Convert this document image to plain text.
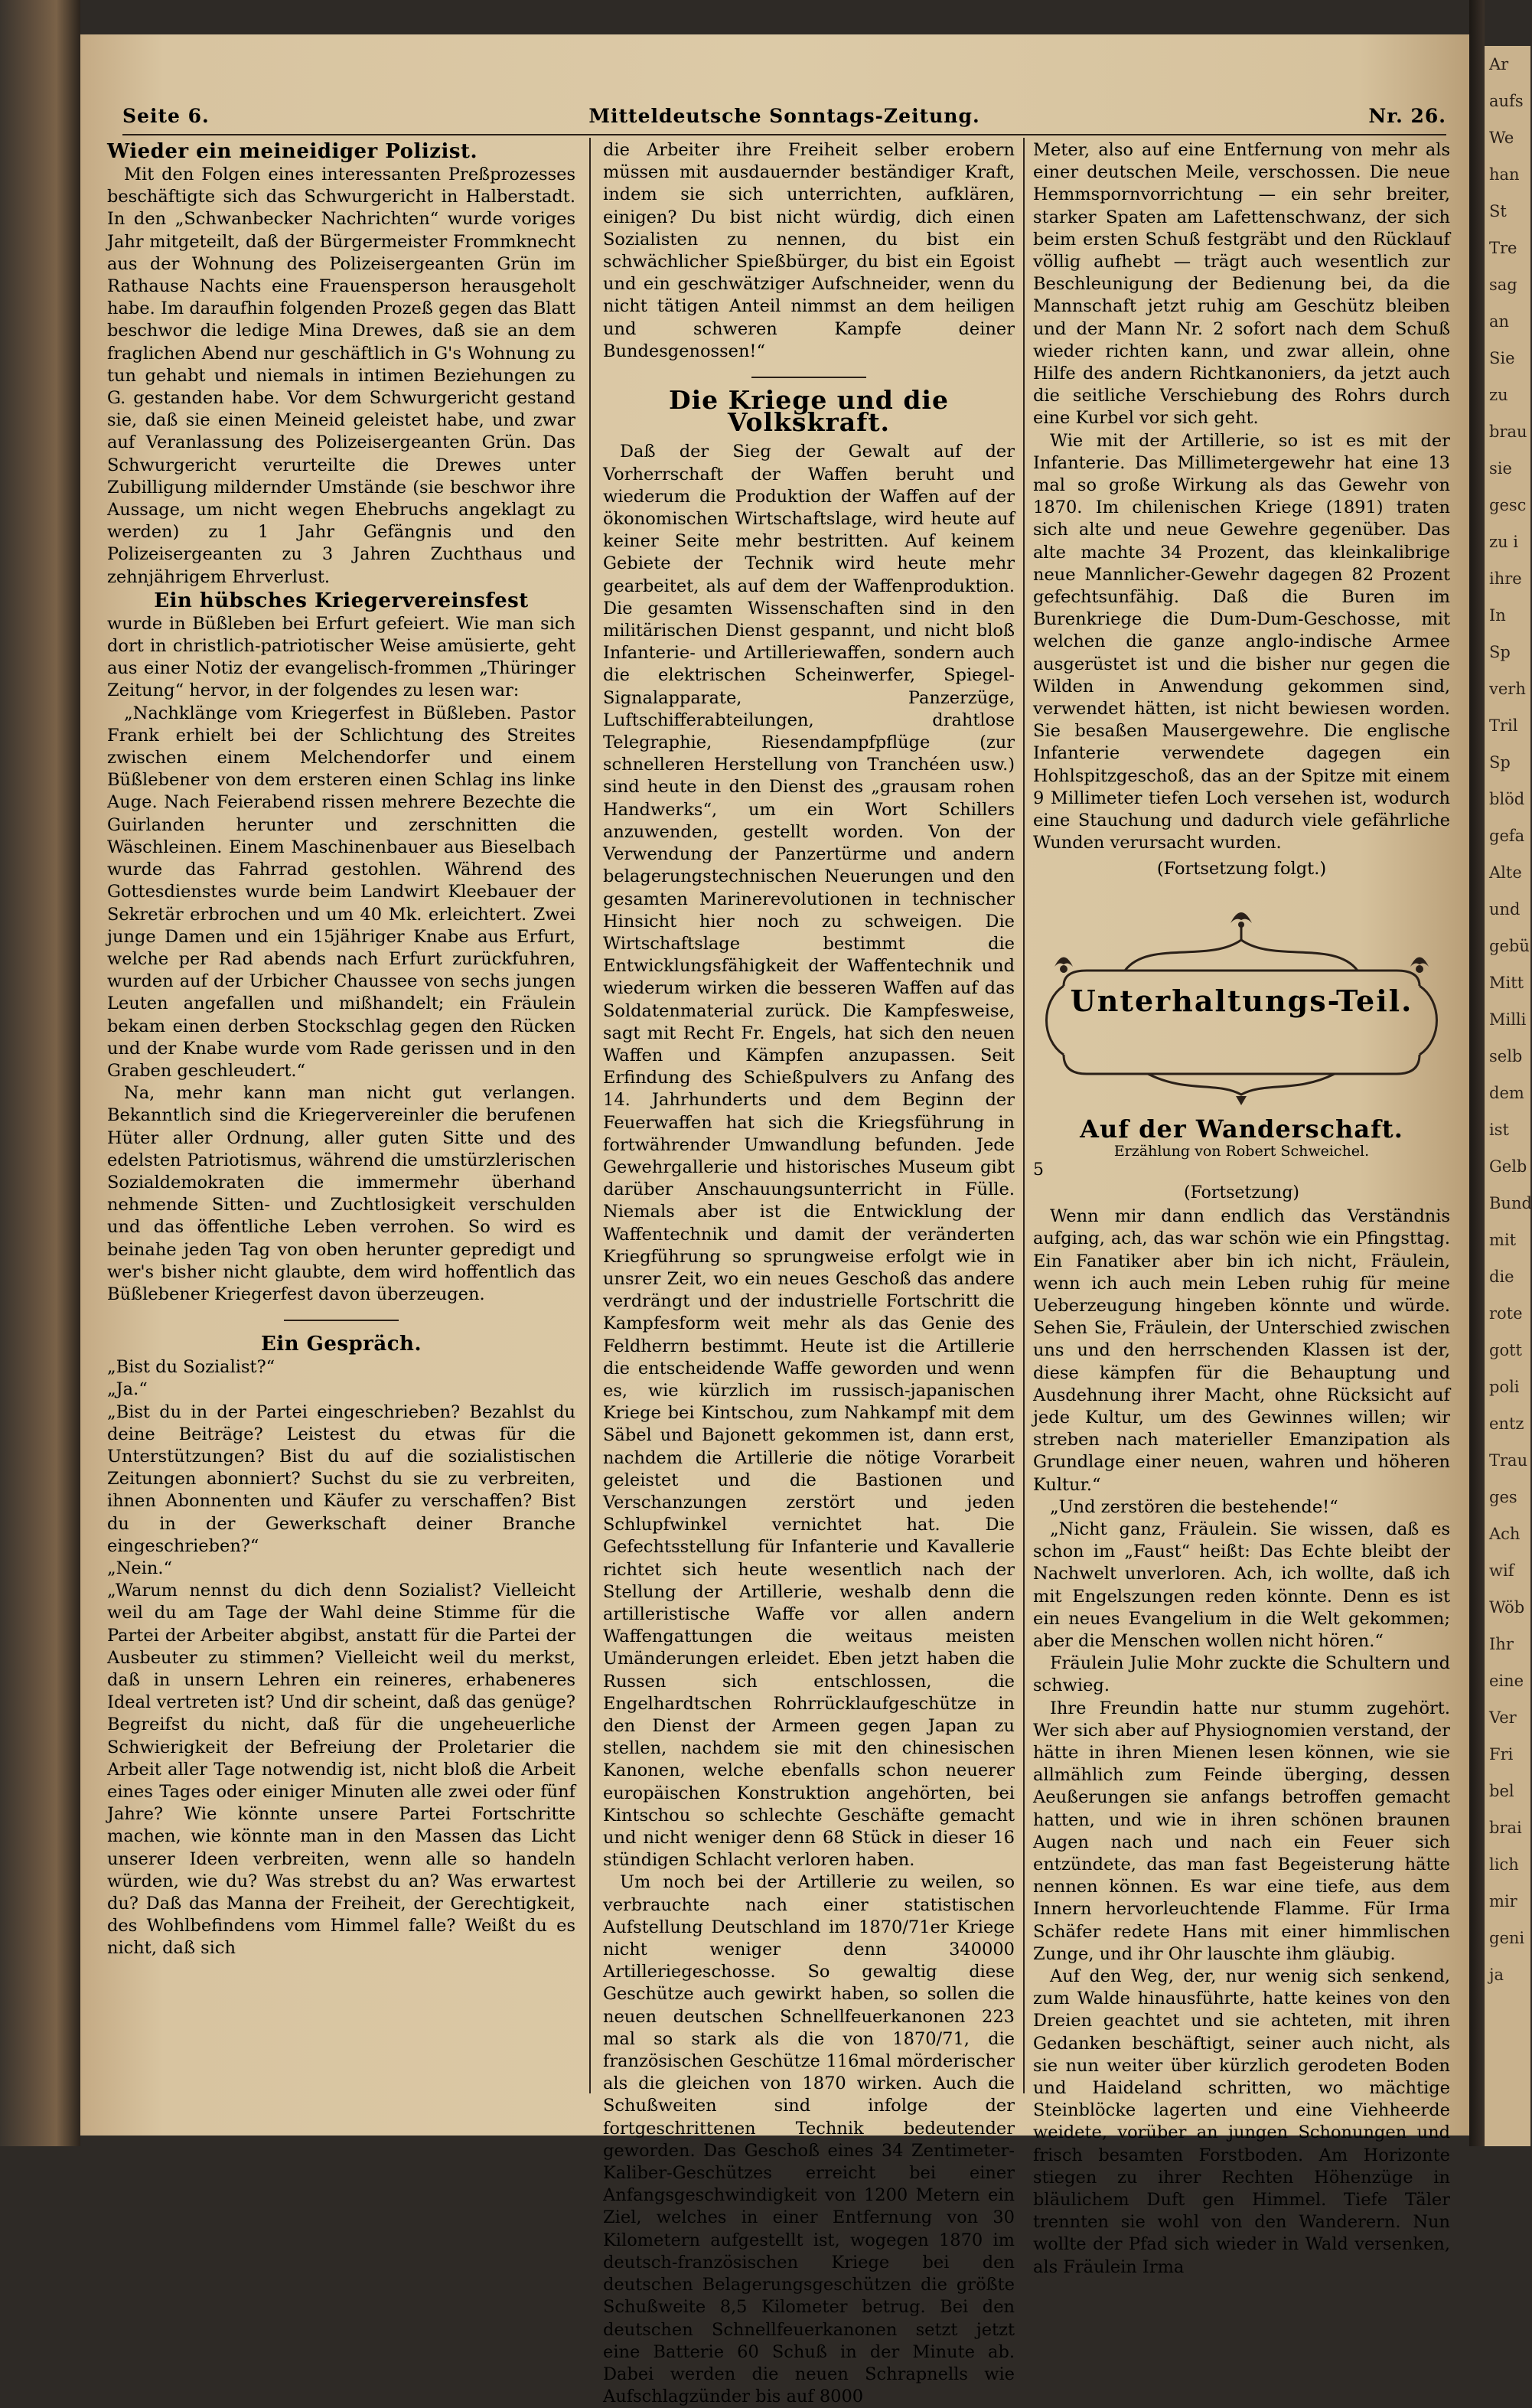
Seite 6.	Mitteldeutsche Sonntags-Zeitung.	Nr. 26.
Wieder ein meineidiger Polizist.

Mit den Folgen eines interessanten Preßprozesses beschäftigte sich das Schwurgericht in Halberstadt. In den „Schwanbecker Nachrichten“ wurde voriges Jahr mitgeteilt, daß der Bürgermeister Frommknecht aus der Wohnung des Polizeisergeanten Grün im Rathause Nachts eine Frauensperson herausgeholt habe. Im daraufhin folgenden Prozeß gegen das Blatt beschwor die ledige Mina Drewes, daß sie an dem fraglichen Abend nur geschäftlich in G's Wohnung zu tun gehabt und niemals in intimen Beziehungen zu G. gestanden habe. Vor dem Schwurgericht gestand sie, daß sie einen Meineid geleistet habe, und zwar auf Veranlassung des Polizeisergeanten Grün. Das Schwurgericht verurteilte die Drewes unter Zubilligung mildernder Umstände (sie beschwor ihre Aussage, um nicht wegen Ehebruchs angeklagt zu werden) zu 1 Jahr Gefängnis und den Polizeisergeanten zu 3 Jahren Zuchthaus und zehnjährigem Ehrverlust.

Ein hübsches Kriegervereinsfest

wurde in Büßleben bei Erfurt gefeiert. Wie man sich dort in christlich-patriotischer Weise amüsierte, geht aus einer Notiz der evangelisch-frommen „Thüringer Zeitung“ hervor, in der folgendes zu lesen war:

„Nachklänge vom Kriegerfest in Büßleben. Pastor Frank erhielt bei der Schlichtung des Streites zwischen einem Melchendorfer und einem Büßlebener von dem ersteren einen Schlag ins linke Auge. Nach Feierabend rissen mehrere Bezechte die Guirlanden herunter und zerschnitten die Wäschleinen. Einem Maschinenbauer aus Bieselbach wurde das Fahrrad gestohlen. Während des Gottesdienstes wurde beim Landwirt Kleebauer der Sekretär erbrochen und um 40 Mk. erleichtert. Zwei junge Damen und ein 15jähriger Knabe aus Erfurt, welche per Rad abends nach Erfurt zurückfuhren, wurden auf der Urbicher Chaussee von sechs jungen Leuten angefallen und mißhandelt; ein Fräulein bekam einen derben Stockschlag gegen den Rücken und der Knabe wurde vom Rade gerissen und in den Graben geschleudert.“

Na, mehr kann man nicht gut verlangen. Bekanntlich sind die Kriegervereinler die berufenen Hüter aller Ordnung, aller guten Sitte und des edelsten Patriotismus, während die umstürzlerischen Sozialdemokraten die immermehr überhand nehmende Sitten- und Zuchtlosigkeit verschulden und das öffentliche Leben verrohen. So wird es beinahe jeden Tag von oben herunter gepredigt und wer's bisher nicht glaubte, dem wird hoffentlich das Büßlebener Kriegerfest davon überzeugen.

Ein Gespräch.

„Bist du Sozialist?“

„Ja.“

„Bist du in der Partei eingeschrieben? Bezahlst du deine Beiträge? Leistest du etwas für die Unterstützungen? Bist du auf die sozialistischen Zeitungen abonniert? Suchst du sie zu verbreiten, ihnen Abonnenten und Käufer zu verschaffen? Bist du in der Gewerkschaft deiner Branche eingeschrieben?“

„Nein.“

„Warum nennst du dich denn Sozialist? Vielleicht weil du am Tage der Wahl deine Stimme für die Partei der Arbeiter abgibst, anstatt für die Partei der Ausbeuter zu stimmen? Vielleicht weil du merkst, daß in unsern Lehren ein reineres, erhabeneres Ideal vertreten ist? Und dir scheint, daß das genüge? Begreifst du nicht, daß für die ungeheuerliche Schwierigkeit der Befreiung der Proletarier die Arbeit aller Tage notwendig ist, nicht bloß die Arbeit eines Tages oder einiger Minuten alle zwei oder fünf Jahre? Wie könnte unsere Partei Fortschritte machen, wie könnte man in den Massen das Licht unserer Ideen verbreiten, wenn alle so handeln würden, wie du? Was strebst du an? Was erwartest du? Daß das Manna der Freiheit, der Gerechtigkeit, des Wohlbefindens vom Himmel falle? Weißt du es nicht, daß sich

die Arbeiter ihre Freiheit selber erobern müssen mit ausdauernder beständiger Kraft, indem sie sich unterrichten, aufklären, einigen? Du bist nicht würdig, dich einen Sozialisten zu nennen, du bist ein schwächlicher Spießbürger, du bist ein Egoist und ein geschwätziger Aufschneider, wenn du nicht tätigen Anteil nimmst an dem heiligen und schweren Kampfe deiner Bundesgenossen!“

Die Kriege und die Volkskraft.

Daß der Sieg der Gewalt auf der Vorherrschaft der Waffen beruht und wiederum die Produktion der Waffen auf der ökonomischen Wirtschaftslage, wird heute auf keiner Seite mehr bestritten. Auf keinem Gebiete der Technik wird heute mehr gearbeitet, als auf dem der Waffenproduktion. Die gesamten Wissenschaften sind in den militärischen Dienst gespannt, und nicht bloß Infanterie- und Artilleriewaffen, sondern auch die elektrischen Scheinwerfer, Spiegel-Signalapparate, Panzerzüge, Luftschifferabteilungen, drahtlose Telegraphie, Riesendampfpflüge (zur schnelleren Herstellung von Tranchéen usw.) sind heute in den Dienst des „grausam rohen Handwerks“, um ein Wort Schillers anzuwenden, gestellt worden. Von der Verwendung der Panzertürme und andern belagerungstechnischen Neuerungen und den gesamten Marinerevolutionen in technischer Hinsicht hier noch zu schweigen. Die Wirtschaftslage bestimmt die Entwicklungsfähigkeit der Waffentechnik und wiederum wirken die besseren Waffen auf das Soldatenmaterial zurück. Die Kampfesweise, sagt mit Recht Fr. Engels, hat sich den neuen Waffen und Kämpfen anzupassen. Seit Erfindung des Schießpulvers zu Anfang des 14. Jahrhunderts und dem Beginn der Feuerwaffen hat sich die Kriegsführung in fortwährender Umwandlung befunden. Jede Gewehrgallerie und historisches Museum gibt darüber Anschauungsunterricht in Fülle. Niemals aber ist die Entwicklung der Waffentechnik und damit der veränderten Kriegführung so sprungweise erfolgt wie in unsrer Zeit, wo ein neues Geschoß das andere verdrängt und der industrielle Fortschritt die Kampfesform weit mehr als das Genie des Feldherrn bestimmt. Heute ist die Artillerie die entscheidende Waffe geworden und wenn es, wie kürzlich im russisch-japanischen Kriege bei Kintschou, zum Nahkampf mit dem Säbel und Bajonett gekommen ist, dann erst, nachdem die Artillerie die nötige Vorarbeit geleistet und die Bastionen und Verschanzungen zerstört und jeden Schlupfwinkel vernichtet hat. Die Gefechtsstellung für Infanterie und Kavallerie richtet sich heute wesentlich nach der Stellung der Artillerie, weshalb denn die artilleristische Waffe vor allen andern Waffengattungen die weitaus meisten Umänderungen erleidet. Eben jetzt haben die Russen sich entschlossen, die Engelhardtschen Rohrrücklaufgeschütze in den Dienst der Armeen gegen Japan zu stellen, nachdem sie mit den chinesischen Kanonen, welche ebenfalls schon neuerer europäischen Konstruktion angehörten, bei Kintschou so schlechte Geschäfte gemacht und nicht weniger denn 68 Stück in dieser 16 stündigen Schlacht verloren haben.

Um noch bei der Artillerie zu weilen, so verbrauchte nach einer statistischen Aufstellung Deutschland im 1870/71er Kriege nicht weniger denn 340000 Artilleriegeschosse. So gewaltig diese Geschütze auch gewirkt haben, so sollen die neuen deutschen Schnellfeuerkanonen 223 mal so stark als die von 1870/71, die französischen Geschütze 116mal mörderischer als die gleichen von 1870 wirken. Auch die Schußweiten sind infolge der fortgeschrittenen Technik bedeutender geworden. Das Geschoß eines 34 Zentimeter-Kaliber-Geschützes erreicht bei einer Anfangsgeschwindigkeit von 1200 Metern ein Ziel, welches in einer Entfernung von 30 Kilometern aufgestellt ist, wogegen 1870 im deutsch-französischen Kriege bei den deutschen Belagerungsgeschützen die größte Schußweite 8,5 Kilometer betrug. Bei den deutschen Schnellfeuerkanonen setzt jetzt eine Batterie 60 Schuß in der Minute ab. Dabei werden die neuen Schrapnells wie Aufschlagzünder bis auf 8000

Meter, also auf eine Entfernung von mehr als einer deutschen Meile, verschossen. Die neue Hemmspornvorrichtung — ein sehr breiter, starker Spaten am Lafettenschwanz, der sich beim ersten Schuß festgräbt und den Rücklauf völlig aufhebt — trägt auch wesentlich zur Beschleunigung der Bedienung bei, da die Mannschaft jetzt ruhig am Geschütz bleiben und der Mann Nr. 2 sofort nach dem Schuß wieder richten kann, und zwar allein, ohne Hilfe des andern Richtkanoniers, da jetzt auch die seitliche Verschiebung des Rohrs durch eine Kurbel vor sich geht.

Wie mit der Artillerie, so ist es mit der Infanterie. Das Millimetergewehr hat eine 13 mal so große Wirkung als das Gewehr von 1870. Im chilenischen Kriege (1891) traten sich alte und neue Gewehre gegenüber. Das alte machte 34 Prozent, das kleinkalibrige neue Mannlicher-Gewehr dagegen 82 Prozent gefechtsunfähig. Daß die Buren im Burenkriege die Dum-Dum-Geschosse, mit welchen die ganze anglo-indische Armee ausgerüstet ist und die bisher nur gegen die Wilden in Anwendung gekommen sind, verwendet hätten, ist nicht bewiesen worden. Sie besaßen Mausergewehre. Die englische Infanterie verwendete dagegen ein Hohlspitzgeschoß, das an der Spitze mit einem 9 Millimeter tiefen Loch versehen ist, wodurch eine Stauchung und dadurch viele gefährliche Wunden verursacht wurden.

(Fortsetzung folgt.)
Unterhaltungs-Teil.
Auf der Wanderschaft.
Erzählung von Robert Schweichel.
5
(Fortsetzung)

Wenn mir dann endlich das Verständnis aufging, ach, das war schön wie ein Pfingsttag. Ein Fanatiker aber bin ich nicht, Fräulein, wenn ich auch mein Leben ruhig für meine Ueberzeugung hingeben könnte und würde. Sehen Sie, Fräulein, der Unterschied zwischen uns und den herrschenden Klassen ist der, diese kämpfen für die Behauptung und Ausdehnung ihrer Macht, ohne Rücksicht auf jede Kultur, um des Gewinnes willen; wir streben nach materieller Emanzipation als Grundlage einer neuen, wahren und höheren Kultur.“

„Und zerstören die bestehende!“

„Nicht ganz, Fräulein. Sie wissen, daß es schon im „Faust“ heißt: Das Echte bleibt der Nachwelt unverloren. Ach, ich wollte, daß ich mit Engelszungen reden könnte. Denn es ist ein neues Evangelium in die Welt gekommen; aber die Menschen wollen nicht hören.“

Fräulein Julie Mohr zuckte die Schultern und schwieg.

Ihre Freundin hatte nur stumm zugehört. Wer sich aber auf Physiognomien verstand, der hätte in ihren Mienen lesen können, wie sie allmählich zum Feinde überging, dessen Aeußerungen sie anfangs betroffen gemacht hatten, und wie in ihren schönen braunen Augen nach und nach ein Feuer sich entzündete, das man fast Begeisterung hätte nennen können. Es war eine tiefe, aus dem Innern hervorleuchtende Flamme. Für Irma Schäfer redete Hans mit einer himmlischen Zunge, und ihr Ohr lauschte ihm gläubig.

Auf den Weg, der, nur wenig sich senkend, zum Walde hinausführte, hatte keines von den Dreien geachtet und sie achteten, mit ihren Gedanken beschäftigt, seiner auch nicht, als sie nun weiter über kürzlich gerodeten Boden und Haideland schritten, wo mächtige Steinblöcke lagerten und eine Viehheerde weidete, vorüber an jungen Schonungen und frisch besamten Forstboden. Am Horizonte stiegen zu ihrer Rechten Höhenzüge in bläulichem Duft gen Himmel. Tiefe Täler trennten sie wohl von den Wanderern. Nun wollte der Pfad sich wieder in Wald versenken, als Fräulein Irma

Ar
aufs
We
han
St
Tre
sag
an
Sie
zu
brau
sie
gesc
zu i
ihre
In
Sp
verh
Tril
Sp
blöd
gefa
Alte
und
gebü
Mitt
Milli
selb
dem
ist
Gelb
Bund
mit
die
rote
gott
poli
entz
Trau
ges
Ach
wif
Wöb
Ihr
eine
Ver
Fri
bel
brai
lich
mir
geni
ja
